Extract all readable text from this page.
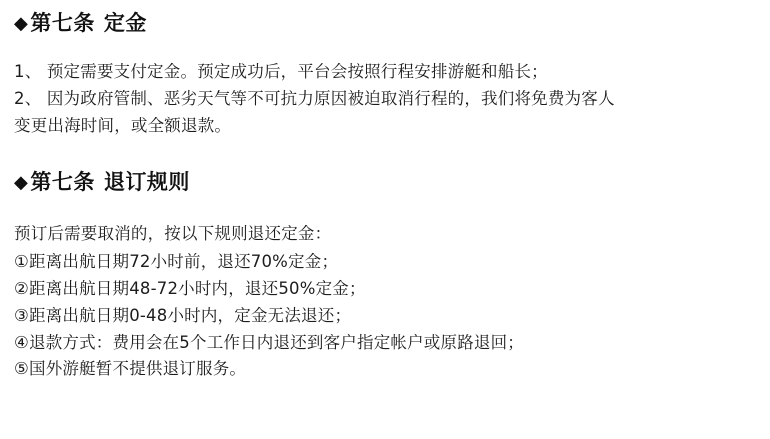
◆ 第七条 定金

1、 预定需要支付定金。预定成功后，平台会按照行程安排游艇和船长；

2、 因为政府管制、恶劣天气等不可抗力原因被迫取消行程的，我们将免费为客人

变更出海时间，或全额退款。

◆ 第七条 退订规则

预订后需要取消的，按以下规则退还定金：

①距离出航日期72小时前，退还70%定金；

②距离出航日期48-72小时内，退还50%定金；

③距离出航日期0-48小时内，定金无法退还；

④退款方式：费用会在5个工作日内退还到客户指定帐户或原路退回；

⑤国外游艇暂不提供退订服务。
